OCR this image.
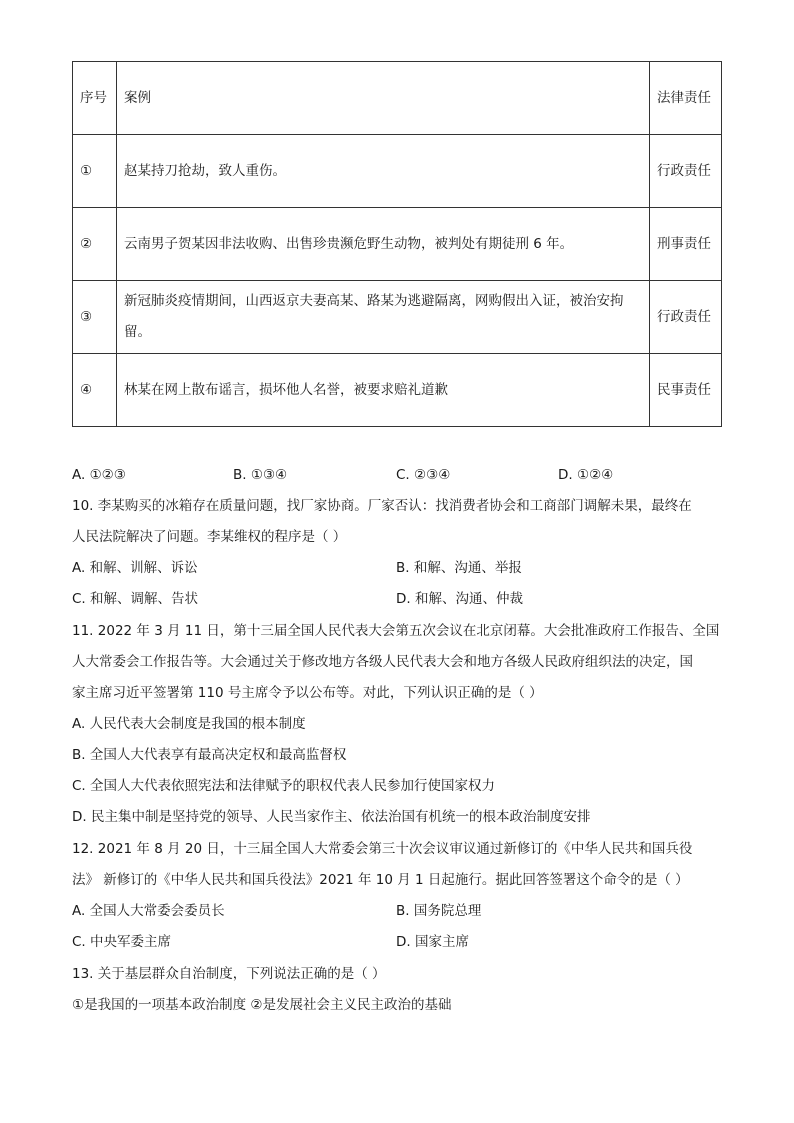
序号	案例	法律责任
①	赵某持刀抢劫，致人重伤。	行政责任
②	云南男子贺某因非法收购、出售珍贵濒危野生动物，被判处有期徒刑 6 年。	刑事责任
③	新冠肺炎疫情期间，山西返京夫妻高某、路某为逃避隔离，网购假出入证，被治安拘留。	行政责任
④	林某在网上散布谣言，损坏他人名誉，被要求赔礼道歉	民事责任
A. ①②③	B. ①③④	C. ②③④	D. ①②④
10. 李某购买的冰箱存在质量问题，找厂家协商。厂家否认：找消费者协会和工商部门调解未果，最终在
人民法院解决了问题。李某维权的程序是（ ）
A. 和解、训解、诉讼	B. 和解、沟通、举报
C. 和解、调解、告状	D. 和解、沟通、仲裁
11. 2022 年 3 月 11 日，第十三届全国人民代表大会第五次会议在北京闭幕。大会批准政府工作报告、全国
人大常委会工作报告等。大会通过关于修改地方各级人民代表大会和地方各级人民政府组织法的决定，国
家主席习近平签署第 110 号主席令予以公布等。对此，下列认识正确的是（ ）
A. 人民代表大会制度是我国的根本制度
B. 全国人大代表享有最高决定权和最高监督权
C. 全国人大代表依照宪法和法律赋予的职权代表人民参加行使国家权力
D. 民主集中制是坚持党的领导、人民当家作主、依法治国有机统一的根本政治制度安排
12. 2021 年 8 月 20 日，十三届全国人大常委会第三十次会议审议通过新修订的《中华人民共和国兵役
法》 新修订的《中华人民共和国兵役法》2021 年 10 月 1 日起施行。据此回答签署这个命令的是（ ）
A. 全国人大常委会委员长	B. 国务院总理
C. 中央军委主席	D. 国家主席
13. 关于基层群众自治制度，下列说法正确的是（ ）
①是我国的一项基本政治制度 ②是发展社会主义民主政治的基础
